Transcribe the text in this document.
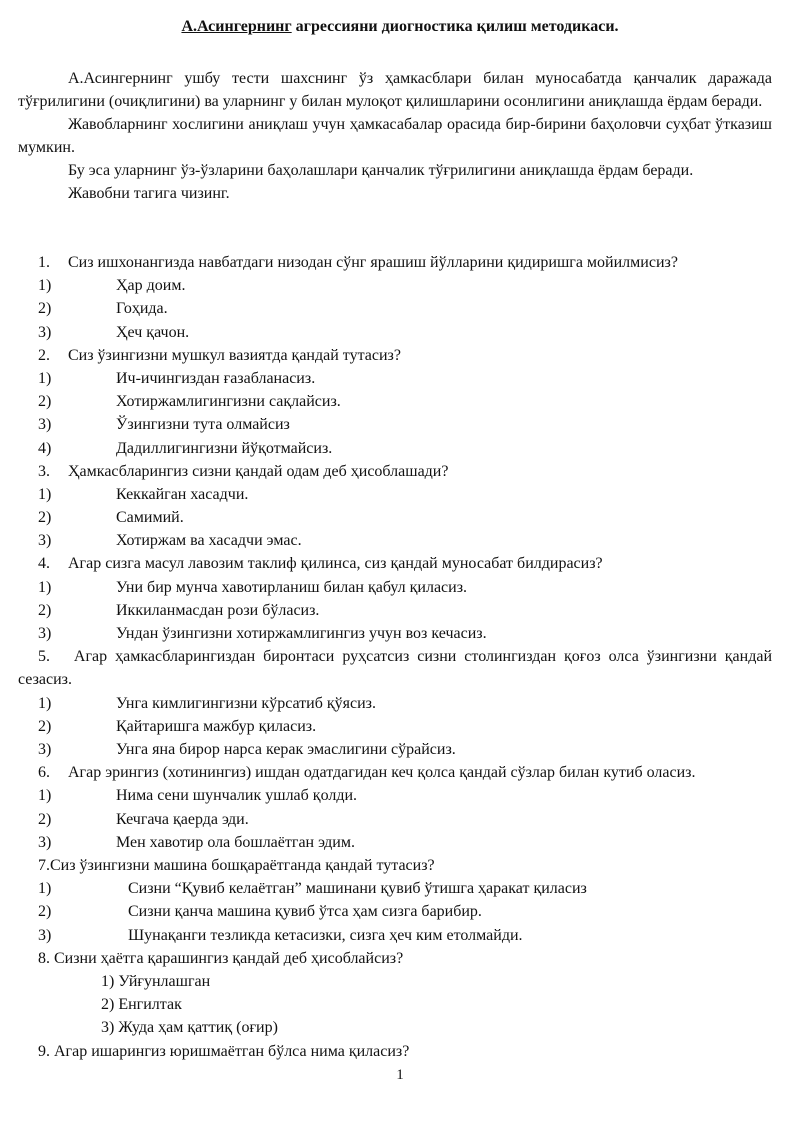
А.Асингернинг агрессияни диогностика қилиш методикаси.

А.Асингернинг ушбу тести шахснинг ўз ҳамкасблари билан муносабатда қанчалик даражада тўғрилигини (очиқлигини) ва уларнинг у билан мулоқот қилишларини осонлигини аниқлашда ёрдам беради.

Жавобларнинг хослигини аниқлаш учун ҳамкасабалар орасида бир-бирини баҳоловчи суҳбат ўтказиш мумкин.

Бу эса уларнинг ўз-ўзларини баҳолашлари қанчалик тўғрилигини аниқлашда ёрдам беради.

Жавобни тагига чизинг.

1. Сиз ишхонангизда навбатдаги низодан сўнг ярашиш йўлларини қидиришга мойилмисиз?
1)	Ҳар доим.
2)	Гоҳида.
3)	Ҳеч қачон.
2. Сиз ўзингизни мушкул вазиятда қандай тутасиз?
1)	Ич-ичингиздан ғазабланасиз.
2)	Хотиржамлигингизни сақлайсиз.
3)	Ўзингизни тута олмайсиз
4)	Дадиллигингизни йўқотмайсиз.
3. Ҳамкасбларингиз сизни қандай одам деб ҳисоблашади?
1)	Кеккайган хасадчи.
2)	Самимий.
3)	Хотиржам ва хасадчи эмас.
4. Агар сизга масул лавозим таклиф қилинса, сиз қандай муносабат билдирасиз?
1)	Уни бир мунча хавотирланиш билан қабул қиласиз.
2)	Иккиланмасдан рози бўласиз.
3)	Ундан ўзингизни хотиржамлигингиз учун воз кечасиз.
5. Агар ҳамкасбларингиздан биронтаси руҳсатсиз сизни столингиздан қоғоз олса ўзингизни қандай сезасиз.
1)	Унга кимлигингизни кўрсатиб қўясиз.
2)	Қайтаришга мажбур қиласиз.
3)	Унга яна бирор нарса керак эмаслигини сўрайсиз.
6. Агар эрингиз (хотинингиз) ишдан одатдагидан кеч қолса қандай сўзлар билан кутиб оласиз.
1)	Нима сени шунчалик ушлаб қолди.
2)	Кечгача қаерда эди.
3)	Мен хавотир ола бошлаётган эдим.
7.Сиз ўзингизни машина бошқараётганда қандай тутасиз?
1)	Сизни “Қувиб келаётган” машинани қувиб ўтишга ҳаракат қиласиз
2)	Сизни қанча машина қувиб ўтса ҳам сизга барибир.
3)	Шунақанги тезликда кетасизки, сизга ҳеч ким етолмайди.
8. Сизни ҳаётга қарашингиз қандай деб ҳисоблайсиз?
1) Уйғунлашган
2) Енгилтак
3) Жуда ҳам қаттиқ (оғир)
9. Агар ишарингиз юришмаётган бўлса нима қиласиз?
1
